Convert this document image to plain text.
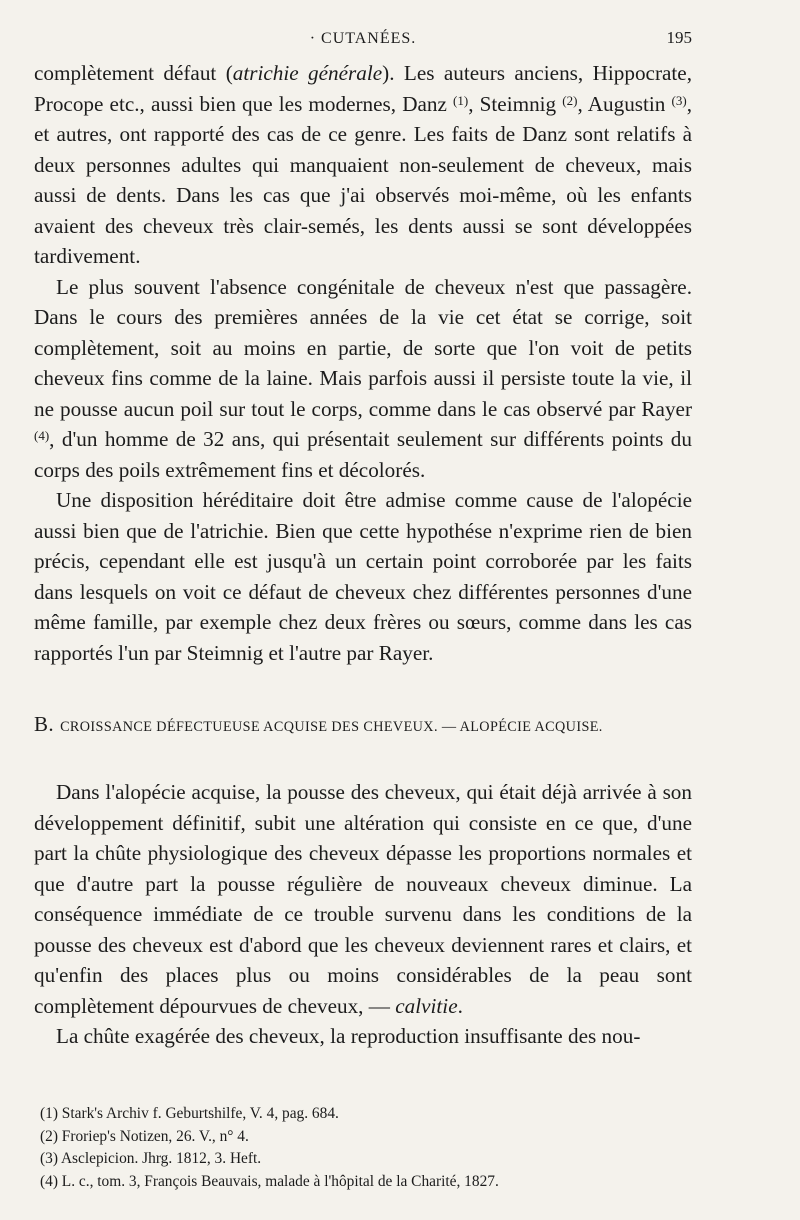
· CUTANÉES.	195

complètement défaut (atrichie générale). Les auteurs anciens, Hippocrate, Procope etc., aussi bien que les modernes, Danz $^{(1)}$, Steimnig $^{(2)}$, Augustin $^{(3)}$, et autres, ont rapporté des cas de ce genre. Les faits de Danz sont relatifs à deux personnes adultes qui manquaient non-seulement de cheveux, mais aussi de dents. Dans les cas que j'ai observés moi-même, où les enfants avaient des cheveux très clair-semés, les dents aussi se sont développées tardivement.

Le plus souvent l'absence congénitale de cheveux n'est que passagère. Dans le cours des premières années de la vie cet état se corrige, soit complètement, soit au moins en partie, de sorte que l'on voit de petits cheveux fins comme de la laine. Mais parfois aussi il persiste toute la vie, il ne pousse aucun poil sur tout le corps, comme dans le cas observé par Rayer $^{(4)}$, d'un homme de 32 ans, qui présentait seulement sur différents points du corps des poils extrêmement fins et décolorés.

Une disposition héréditaire doit être admise comme cause de l'alopécie aussi bien que de l'atrichie. Bien que cette hypothése n'exprime rien de bien précis, cependant elle est jusqu'à un certain point corroborée par les faits dans lesquels on voit ce défaut de cheveux chez différentes personnes d'une même famille, par exemple chez deux frères ou sœurs, comme dans les cas rapportés l'un par Steimnig et l'autre par Rayer.

B. CROISSANCE DÉFECTUEUSE ACQUISE DES CHEVEUX. — ALOPÉCIE ACQUISE.

Dans l'alopécie acquise, la pousse des cheveux, qui était déjà arrivée à son développement définitif, subit une altération qui consiste en ce que, d'une part la chûte physiologique des cheveux dépasse les proportions normales et que d'autre part la pousse régulière de nouveaux cheveux diminue. La conséquence immédiate de ce trouble survenu dans les conditions de la pousse des cheveux est d'abord que les cheveux deviennent rares et clairs, et qu'enfin des places plus ou moins considérables de la peau sont complètement dépourvues de cheveux, — calvitie.

La chûte exagérée des cheveux, la reproduction insuffisante des nou-

(1) Stark's Archiv f. Geburtshilfe, V. 4, pag. 684.

(2) Froriep's Notizen, 26. V., n° 4.

(3) Asclepicion. Jhrg. 1812, 3. Heft.

(4) L. c., tom. 3, François Beauvais, malade à l'hôpital de la Charité, 1827.
